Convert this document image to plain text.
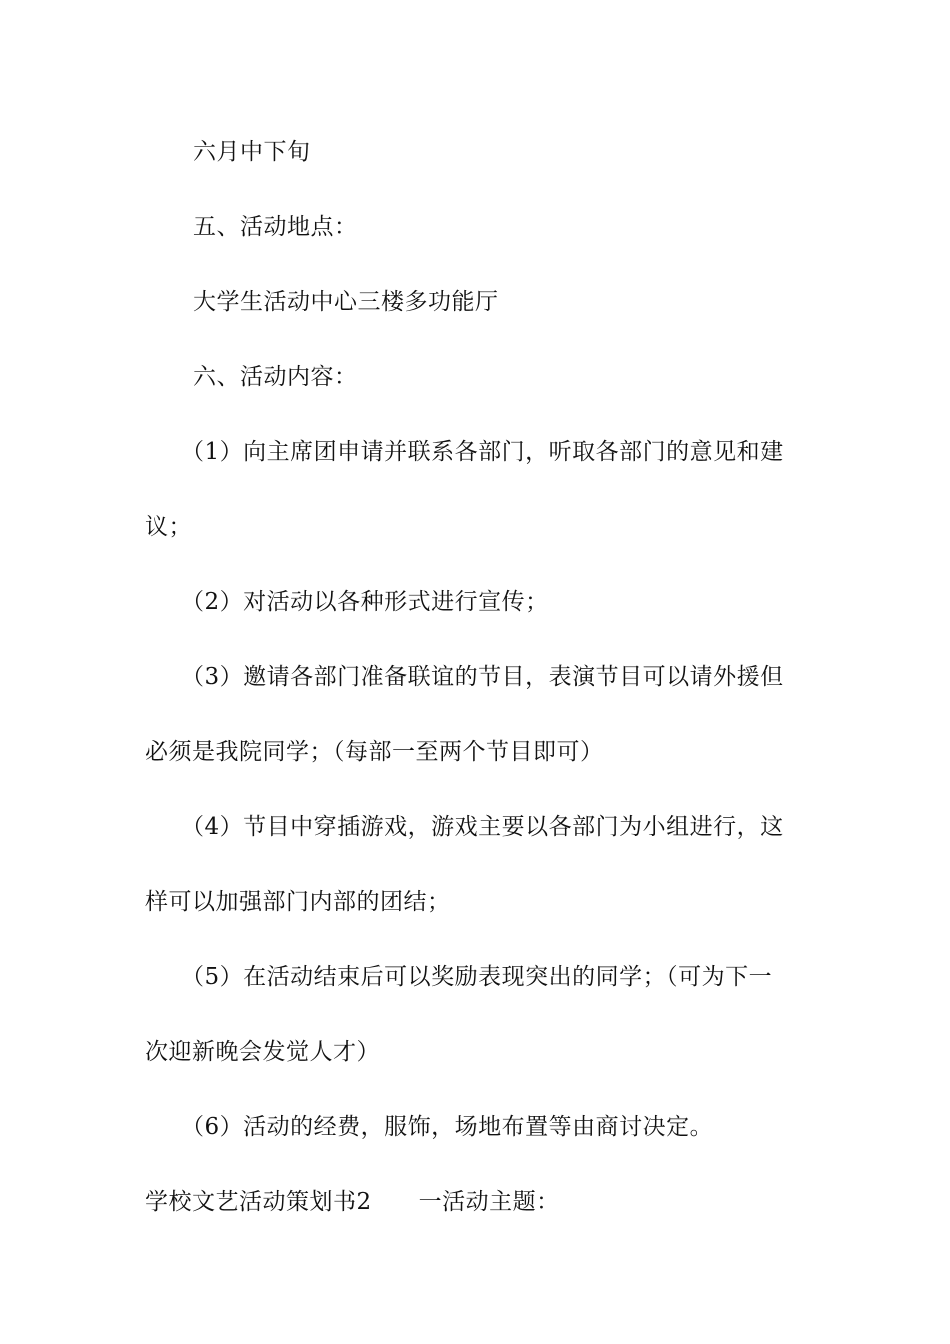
六月中下旬
五、活动地点：
大学生活动中心三楼多功能厅
六、活动内容：
（1）向主席团申请并联系各部门，听取各部门的意见和建
议；
（2）对活动以各种形式进行宣传；
（3）邀请各部门准备联谊的节目，表演节目可以请外援但
必须是我院同学；（每部一至两个节目即可）
（4）节目中穿插游戏，游戏主要以各部门为小组进行，这
样可以加强部门内部的团结；
（5）在活动结束后可以奖励表现突出的同学；（可为下一
次迎新晚会发觉人才）
（6）活动的经费，服饰，场地布置等由商讨决定。
学校文艺活动策划书2　　一活动主题：
